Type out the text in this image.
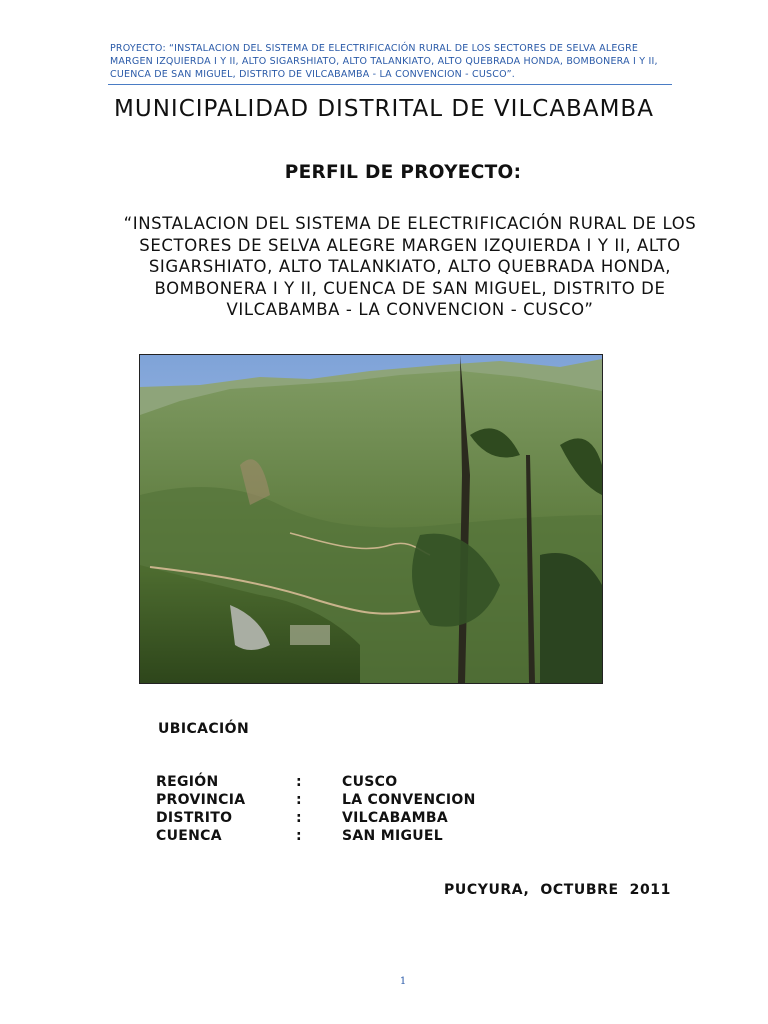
PROYECTO: “INSTALACION DEL SISTEMA DE ELECTRIFICACIÓN RURAL DE LOS SECTORES DE SELVA ALEGRE MARGEN IZQUIERDA I Y II, ALTO SIGARSHIATO, ALTO TALANKIATO, ALTO QUEBRADA HONDA, BOMBONERA I Y II, CUENCA DE SAN MIGUEL, DISTRITO DE VILCABAMBA - LA CONVENCION - CUSCO”.
MUNICIPALIDAD DISTRITAL DE VILCABAMBA
PERFIL DE PROYECTO:
“INSTALACION DEL SISTEMA DE ELECTRIFICACIÓN RURAL DE LOS
SECTORES DE SELVA ALEGRE MARGEN IZQUIERDA I Y II, ALTO
SIGARSHIATO, ALTO TALANKIATO, ALTO QUEBRADA HONDA,
BOMBONERA I Y II, CUENCA DE SAN MIGUEL, DISTRITO DE
VILCABAMBA - LA CONVENCION - CUSCO”
UBICACIÓN
REGIÓN	:	CUSCO
PROVINCIA	:	LA CONVENCION
DISTRITO	:	VILCABAMBA
CUENCA	:	SAN MIGUEL
PUCYURA,  OCTUBRE  2011
1
